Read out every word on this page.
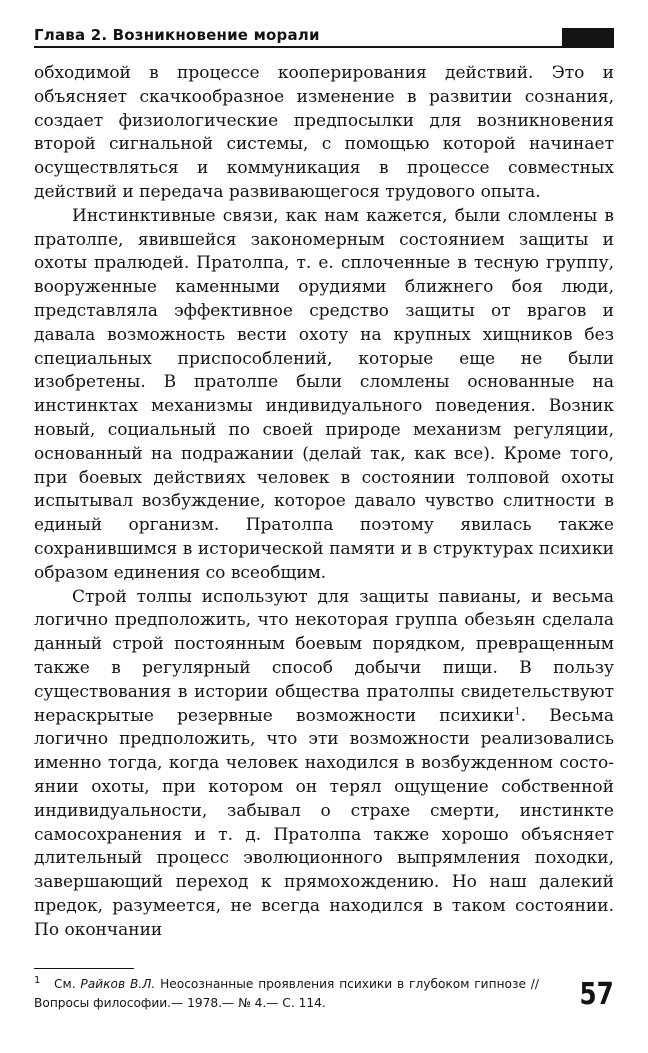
Глава 2. Возникновение морали

обходимой в процессе кооперирования действий. Это и объясняет скачкообразное изменение в развитии сознания, создает физиологические предпосылки для возникновения второй сигнальной системы, с помощью которой начинает осуществляться и коммуникация в процессе совместных действий и передача развивающегося трудового опыта.

Инстинктивные связи, как нам кажется, были сломлены в пратолпе, явившейся закономерным состоянием защиты и охоты пралюдей. Пратолпа, т. е. сплоченные в тесную группу, вооруженные каменными орудиями ближнего боя люди, представляла эффективное средство защиты от врагов и давала возможность вести охоту на крупных хищников без специальных приспособлений, которые еще не были изобретены. В пратолпе были сломлены основанные на инстинктах механизмы индивидуального поведения. Возник новый, социальный по своей природе механизм регуляции, основанный на подражании (делай так, как все). Кроме того, при боевых действиях человек в состоянии толповой охоты испытывал возбуждение, которое давало чувство слитности в единый организм. Пратолпа поэтому явилась также сохранившимся в исторической памяти и в структурах психики образом единения со всеобщим.

Строй толпы используют для защиты павианы, и весьма логично предположить, что некоторая группа обезьян сделала данный строй постоянным боевым порядком, превращенным также в регулярный способ добычи пищи. В пользу существования в истории общества пратолпы свидетельствуют нераскрытые резервные возможности психики$^1$. Весьма логично предположить, что эти возможности реализовались именно тогда, когда человек находился в возбужденном состоянии охоты, при котором он терял ощущение собственной индивидуальности, забывал о страхе смерти, инстинкте самосохранения и т. д. Пратолпа также хорошо объясняет длительный процесс эволюционного выпрямления походки, завершающий переход к прямохождению. Но наш далекий предок, разумеется, не всегда находился в таком состоянии. По окончании

$^1$ См. Райков В.Л. Неосознанные проявления психики в глубоком гипнозе // Вопросы философии.— 1978.— № 4.— С. 114.	57
